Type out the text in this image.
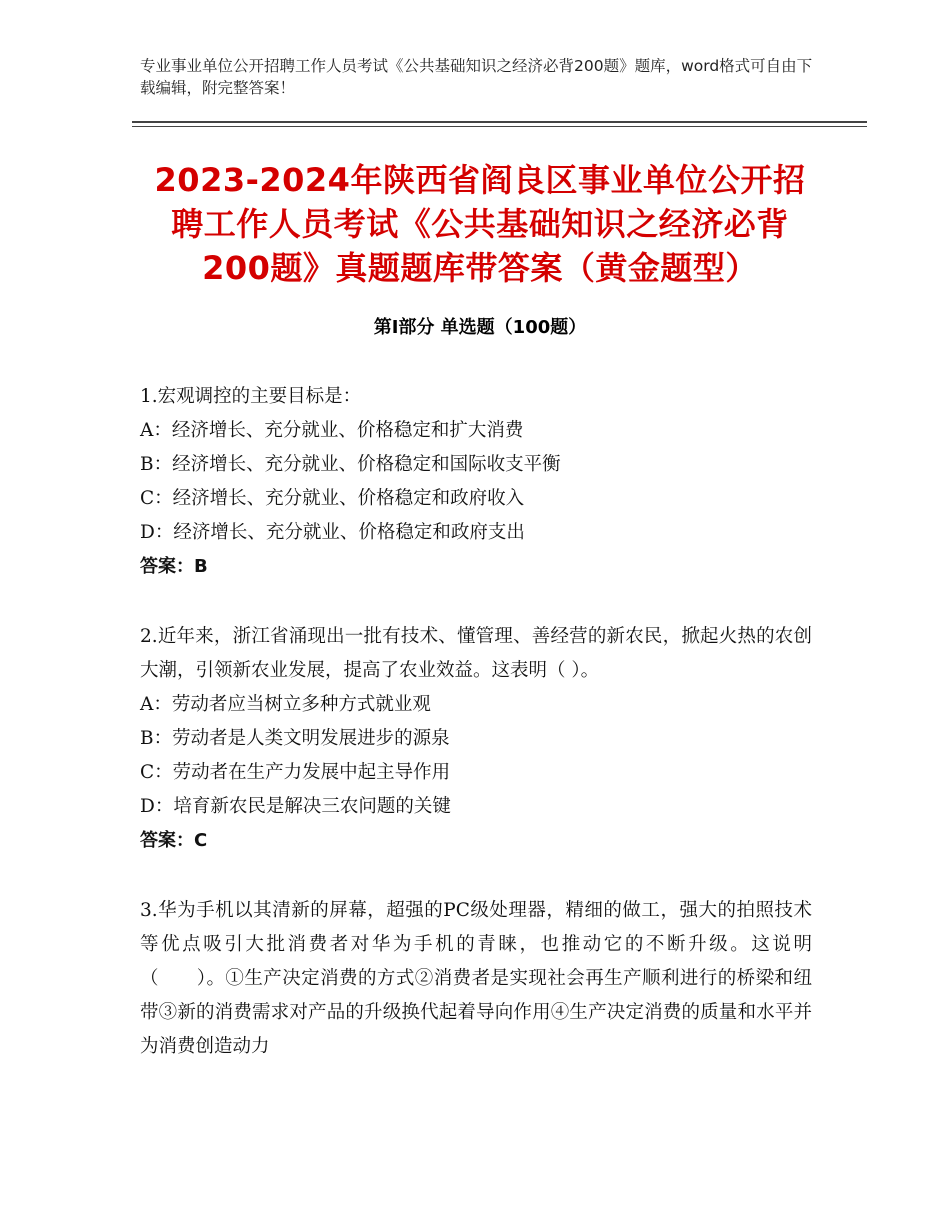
专业事业单位公开招聘工作人员考试《公共基础知识之经济必背200题》题库，word格式可自由下载编辑，附完整答案！
2023-2024年陕西省阎良区事业单位公开招聘工作人员考试《公共基础知识之经济必背200题》真题题库带答案（黄金题型）
第Ⅰ部分 单选题（100题）

1.宏观调控的主要目标是：

A：经济增长、充分就业、价格稳定和扩大消费

B：经济增长、充分就业、价格稳定和国际收支平衡

C：经济增长、充分就业、价格稳定和政府收入

D：经济增长、充分就业、价格稳定和政府支出

答案：B

2.近年来，浙江省涌现出一批有技术、懂管理、善经营的新农民，掀起火热的农创大潮，引领新农业发展，提高了农业效益。这表明（ ）。

A：劳动者应当树立多种方式就业观

B：劳动者是人类文明发展进步的源泉

C：劳动者在生产力发展中起主导作用

D：培育新农民是解决三农问题的关键

答案：C

3.华为手机以其清新的屏幕，超强的PC级处理器，精细的做工，强大的拍照技术等优点吸引大批消费者对华为手机的青睐，也推动它的不断升级。这说明（　　）。①生产决定消费的方式②消费者是实现社会再生产顺利进行的桥梁和纽带③新的消费需求对产品的升级换代起着导向作用④生产决定消费的质量和水平并为消费创造动力
